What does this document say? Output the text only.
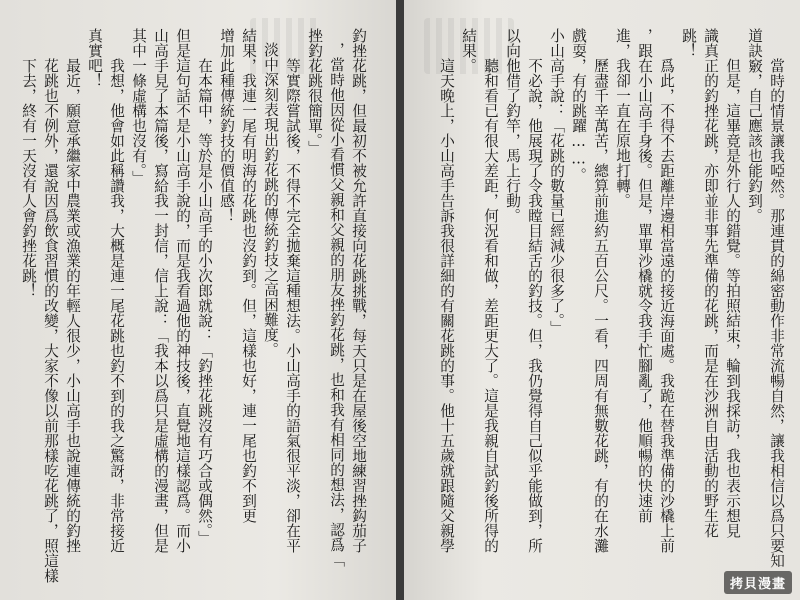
下去，終有一天沒有人會釣挫花跳！ 花跳也不例外，還說因爲飲食習慣的改變，大家不像以前那樣吃花跳了，照這樣 最近，願意承繼家中農業或漁業的年輕人很少，小山高手也說連傳統的釣挫 真實吧！ 我想，他會如此稱讚我，大概是連一尾花跳也釣不到的我之驚訝，非常接近 其中一條虛構也沒有。」 山高手見了本篇後，寫給我一封信，信上說：「我本以爲只是虛構的漫畫，但是 但是這句話不是小山高手說的，而是我看過他的神技後，直覺地這樣認爲。而小 在本篇中，等於是小山高手的小次郎就說：「釣挫花跳沒有巧合或偶然。」 增加此種傳統釣技的價值感！ 結果，我連一尾有明海的花跳也沒釣到。但，這樣也好，連一尾也釣不到更 淡中深刻表現出釣花跳的傳統釣技之高困難度。 等實際嘗試後，不得不完全拋棄這種想法。小山高手的語氣很平淡，卻在平 挫釣花跳很簡單。」 ，當時他因從小看慣父親和父親的朋友挫釣花跳，也和我有相同的想法，認爲「 釣挫花跳，但最初不被允許直接向花跳挑戰，每天只是在屋後空地練習挫鈎茄子	這天晚上，小山高手告訴我很詳細的有關花跳的事。他十五歲就跟隨父親學
結果。
聽和看已有很大差距，何況看和做，差距更大了。這是我親自試釣後所得的 以向他借了釣竿，馬上行動。 不必說，他展現了令我瞠目結舌的釣技。但，我仍覺得自己似乎能做到，所 小山高手說：「花跳的數量已經減少很多了。」 戲耍，有的跳躍……。 歷盡千辛萬苦，總算前進約五百公尺。一看，四周有無數花跳，有的在水灘 進，我卻一直在原地打轉。 ，跟在小山高手身後。但是，單單沙橇就令我手忙腳亂了，他順暢的快速前 爲此，不得不去距離岸邊相當遠的接近海面處。我跪在替我準備的沙橇上前
跳！ 識真正的釣挫花跳，亦即並非事先準備的花跳，而是在沙洲自由活動的野生花 但是，這畢竟是外行人的錯覺。等拍照結束，輪到我採訪，我也表示想見 道訣竅，自己應該也能釣到。 當時的情景讓我啞然。那連貫的綿密動作非常流暢自然，讓我相信以爲只要知
拷貝漫畫
